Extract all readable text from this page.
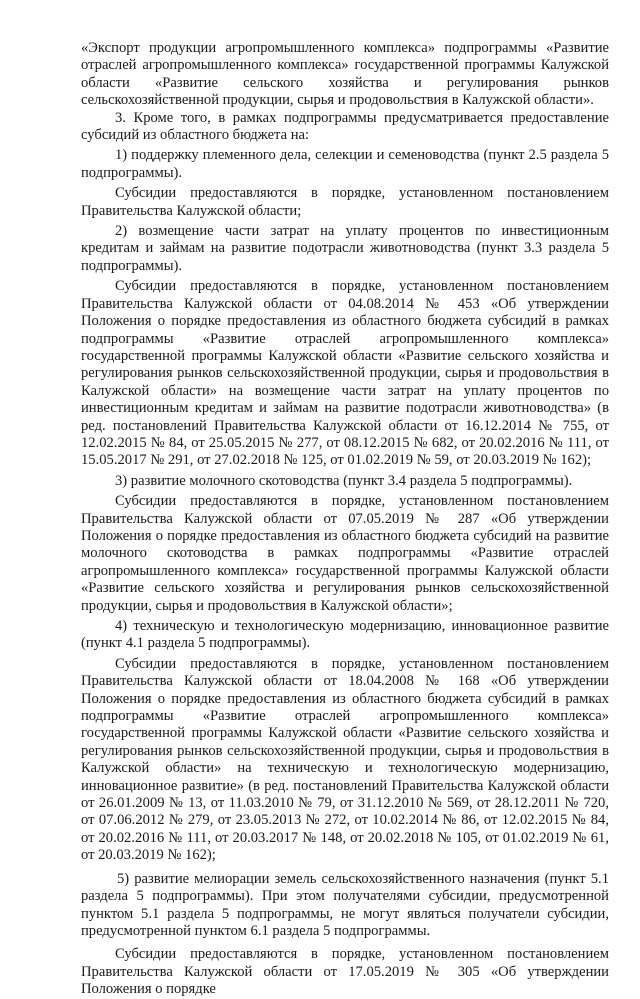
«Экспорт продукции агропромышленного комплекса» подпрограммы «Развитие отраслей агропромышленного комплекса» государственной программы Калужской области «Развитие сельского хозяйства и регулирования рынков сельскохозяйственной продукции, сырья и продовольствия в Калужской области».

3. Кроме того, в рамках подпрограммы предусматривается предоставление субсидий из областного бюджета на:

1) поддержку племенного дела, селекции и семеноводства (пункт 2.5 раздела 5 подпрограммы).

Субсидии предоставляются в порядке, установленном постановлением Правительства Калужской области;

2) возмещение части затрат на уплату процентов по инвестиционным кредитам и займам на развитие подотрасли животноводства (пункт 3.3 раздела 5 подпрограммы).

Субсидии предоставляются в порядке, установленном постановлением Правительства Калужской области от 04.08.2014 № 453 «Об утверждении Положения о порядке предоставления из областного бюджета субсидий в рамках подпрограммы «Развитие отраслей агропромышленного комплекса» государственной программы Калужской области «Развитие сельского хозяйства и регулирования рынков сельскохозяйственной продукции, сырья и продовольствия в Калужской области» на возмещение части затрат на уплату процентов по инвестиционным кредитам и займам на развитие подотрасли животноводства» (в ред. постановлений Правительства Калужской области от 16.12.2014 № 755, от 12.02.2015 № 84, от 25.05.2015 № 277, от 08.12.2015 № 682, от 20.02.2016 № 111, от 15.05.2017 № 291, от 27.02.2018 № 125, от 01.02.2019 № 59, от 20.03.2019 № 162);

3) развитие молочного скотоводства (пункт 3.4 раздела 5 подпрограммы).

Субсидии предоставляются в порядке, установленном постановлением Правительства Калужской области от 07.05.2019 № 287 «Об утверждении Положения о порядке предоставления из областного бюджета субсидий на развитие молочного скотоводства в рамках подпрограммы «Развитие отраслей агропромышленного комплекса» государственной программы Калужской области «Развитие сельского хозяйства и регулирования рынков сельскохозяйственной продукции, сырья и продовольствия в Калужской области»;

4) техническую и технологическую модернизацию, инновационное развитие (пункт 4.1 раздела 5 подпрограммы).

Субсидии предоставляются в порядке, установленном постановлением Правительства Калужской области от 18.04.2008 № 168 «Об утверждении Положения о порядке предоставления из областного бюджета субсидий в рамках подпрограммы «Развитие отраслей агропромышленного комплекса» государственной программы Калужской области «Развитие сельского хозяйства и регулирования рынков сельскохозяйственной продукции, сырья и продовольствия в Калужской области» на техническую и технологическую модернизацию, инновационное развитие» (в ред. постановлений Правительства Калужской области от 26.01.2009 № 13, от 11.03.2010 № 79, от 31.12.2010 № 569, от 28.12.2011 № 720, от 07.06.2012 № 279, от 23.05.2013 № 272, от 10.02.2014 № 86, от 12.02.2015 № 84, от 20.02.2016 № 111, от 20.03.2017 № 148, от 20.02.2018 № 105, от 01.02.2019 № 61, от 20.03.2019 № 162);

5) развитие мелиорации земель сельскохозяйственного назначения (пункт 5.1 раздела 5 подпрограммы). При этом получателями субсидии, предусмотренной пунктом 5.1 раздела 5 подпрограммы, не могут являться получатели субсидии, предусмотренной пунктом 6.1 раздела 5 подпрограммы.

Субсидии предоставляются в порядке, установленном постановлением Правительства Калужской области от 17.05.2019 № 305 «Об утверждении Положения о порядке
